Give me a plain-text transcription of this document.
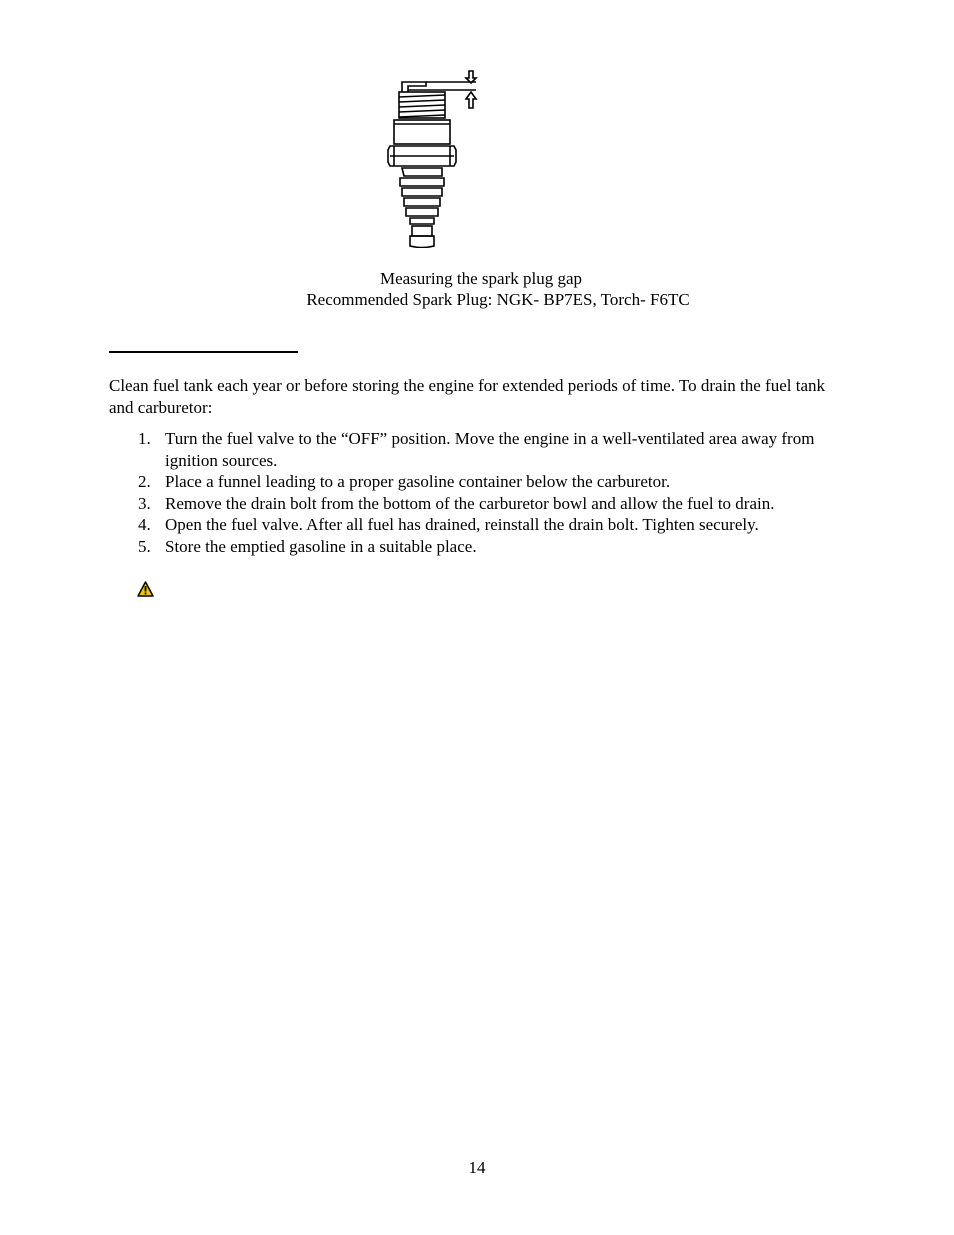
Measuring the spark plug gap
Recommended Spark Plug: NGK- BP7ES, Torch- F6TC
Clean fuel tank each year or before storing the engine for extended periods of time. To drain the fuel tank and carburetor:
1. Turn the fuel valve to the “OFF” position. Move the engine in a well-ventilated area away from ignition sources.
2. Place a funnel leading to a proper gasoline container below the carburetor.
3. Remove the drain bolt from the bottom of the carburetor bowl and allow the fuel to drain.
4. Open the fuel valve. After all fuel has drained, reinstall the drain bolt. Tighten securely.
5. Store the emptied gasoline in a suitable place.
14
